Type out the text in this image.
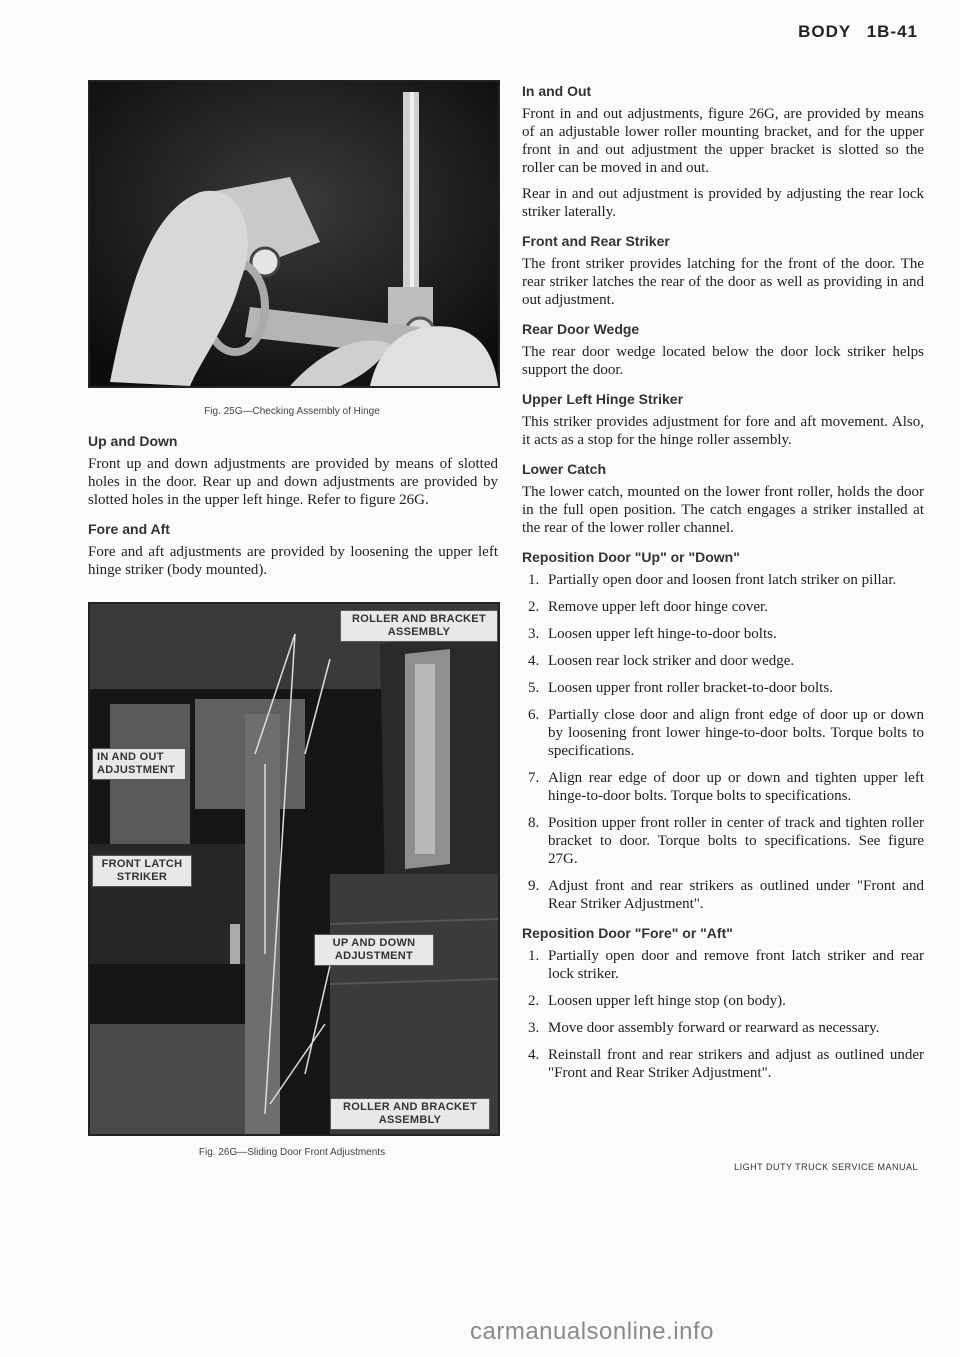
BODY 1B-41
Fig. 25G—Checking Assembly of Hinge
Up and Down

Front up and down adjustments are provided by means of slotted holes in the door. Rear up and down adjustments are provided by slotted holes in the upper left hinge. Refer to figure 26G.

Fore and Aft

Fore and aft adjustments are provided by loosening the upper left hinge striker (body mounted).

ROLLER AND BRACKET
ASSEMBLY
IN AND OUT
ADJUSTMENT
FRONT LATCH
STRIKER
UP AND DOWN
ADJUSTMENT
ROLLER AND BRACKET
ASSEMBLY
Fig. 26G—Sliding Door Front Adjustments
In and Out

Front in and out adjustments, figure 26G, are provided by means of an adjustable lower roller mounting bracket, and for the upper front in and out adjustment the upper bracket is slotted so the roller can be moved in and out.

Rear in and out adjustment is provided by adjusting the rear lock striker laterally.

Front and Rear Striker

The front striker provides latching for the front of the door. The rear striker latches the rear of the door as well as providing in and out adjustment.

Rear Door Wedge

The rear door wedge located below the door lock striker helps support the door.

Upper Left Hinge Striker

This striker provides adjustment for fore and aft movement. Also, it acts as a stop for the hinge roller assembly.

Lower Catch

The lower catch, mounted on the lower front roller, holds the door in the full open position. The catch engages a striker installed at the rear of the lower roller channel.

Reposition Door "Up" or "Down"
1. Partially open door and loosen front latch striker on pillar.
2. Remove upper left door hinge cover.
3. Loosen upper left hinge-to-door bolts.
4. Loosen rear lock striker and door wedge.
5. Loosen upper front roller bracket-to-door bolts.
6. Partially close door and align front edge of door up or down by loosening front lower hinge-to-door bolts. Torque bolts to specifications.
7. Align rear edge of door up or down and tighten upper left hinge-to-door bolts. Torque bolts to specifications.
8. Position upper front roller in center of track and tighten roller bracket to door. Torque bolts to specifications. See figure 27G.
9. Adjust front and rear strikers as outlined under "Front and Rear Striker Adjustment".
Reposition Door "Fore" or "Aft"
1. Partially open door and remove front latch striker and rear lock striker.
2. Loosen upper left hinge stop (on body).
3. Move door assembly forward or rearward as necessary.
4. Reinstall front and rear strikers and adjust as outlined under "Front and Rear Striker Adjustment".
LIGHT DUTY TRUCK SERVICE MANUAL
carmanualsonline.info
